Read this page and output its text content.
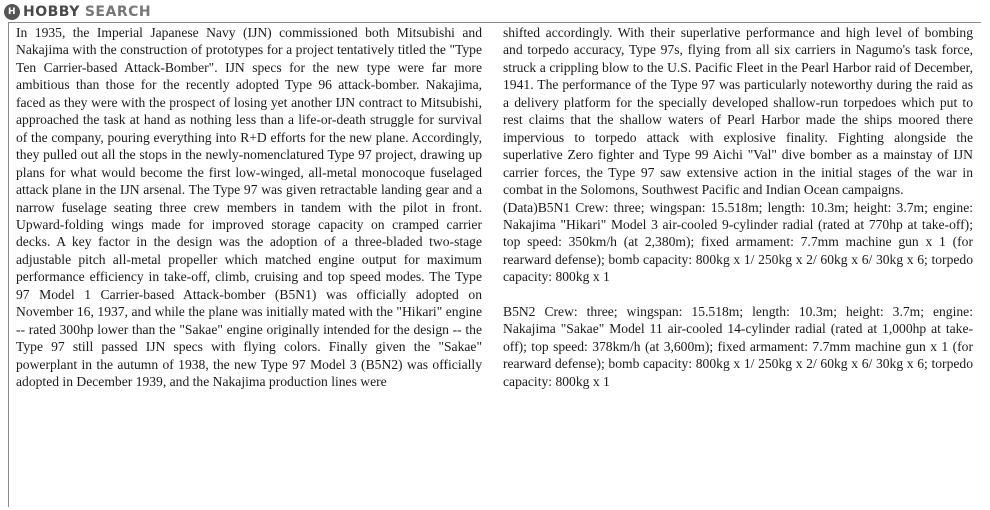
H HOBBY SEARCH

In 1935, the Imperial Japanese Navy (IJN) commissioned both Mitsubishi and Nakajima with the construction of prototypes for a project tentatively titled the "Type Ten Carrier-based Attack-Bomber". IJN specs for the new type were far more ambitious than those for the recently adopted Type 96 attack-bomber. Nakajima, faced as they were with the prospect of losing yet another IJN contract to Mitsubishi, approached the task at hand as nothing less than a life-or-death struggle for survival of the company, pouring everything into R+D efforts for the new plane. Accordingly, they pulled out all the stops in the newly-nomenclatured Type 97 project, drawing up plans for what would become the first low-winged, all-metal monocoque fuselaged attack plane in the IJN arsenal. The Type 97 was given retractable landing gear and a narrow fuselage seating three crew members in tandem with the pilot in front. Upward-folding wings made for improved storage capacity on cramped carrier decks. A key factor in the design was the adoption of a three-bladed two-stage adjustable pitch all-metal propeller which matched engine output for maximum performance efficiency in take-off, climb, cruising and top speed modes. The Type 97 Model 1 Carrier-based Attack-bomber (B5N1) was officially adopted on November 16, 1937, and while the plane was initially mated with the "Hikari" engine -- rated 300hp lower than the "Sakae" engine originally intended for the design -- the Type 97 still passed IJN specs with flying colors. Finally given the "Sakae" powerplant in the autumn of 1938, the new Type 97 Model 3 (B5N2) was officially adopted in December 1939, and the Nakajima production lines were

shifted accordingly. With their superlative performance and high level of bombing and torpedo accuracy, Type 97s, flying from all six carriers in Nagumo's task force, struck a crippling blow to the U.S. Pacific Fleet in the Pearl Harbor raid of December, 1941. The performance of the Type 97 was particularly noteworthy during the raid as a delivery platform for the specially developed shallow-run torpedoes which put to rest claims that the shallow waters of Pearl Harbor made the ships moored there impervious to torpedo attack with explosive finality. Fighting alongside the superlative Zero fighter and Type 99 Aichi "Val" dive bomber as a mainstay of IJN carrier forces, the Type 97 saw extensive action in the initial stages of the war in combat in the Solomons, Southwest Pacific and Indian Ocean campaigns.

(Data)B5N1 Crew: three; wingspan: 15.518m; length: 10.3m; height: 3.7m; engine: Nakajima "Hikari" Model 3 air-cooled 9-cylinder radial (rated at 770hp at take-off); top speed: 350km/h (at 2,380m); fixed armament: 7.7mm machine gun x 1 (for rearward defense); bomb capacity: 800kg x 1/ 250kg x 2/ 60kg x 6/ 30kg x 6; torpedo capacity: 800kg x 1

B5N2 Crew: three; wingspan: 15.518m; length: 10.3m; height: 3.7m; engine: Nakajima "Sakae" Model 11 air-cooled 14-cylinder radial (rated at 1,000hp at take-off); top speed: 378km/h (at 3,600m); fixed armament: 7.7mm machine gun x 1 (for rearward defense); bomb capacity: 800kg x 1/ 250kg x 2/ 60kg x 6/ 30kg x 6; torpedo capacity: 800kg x 1
